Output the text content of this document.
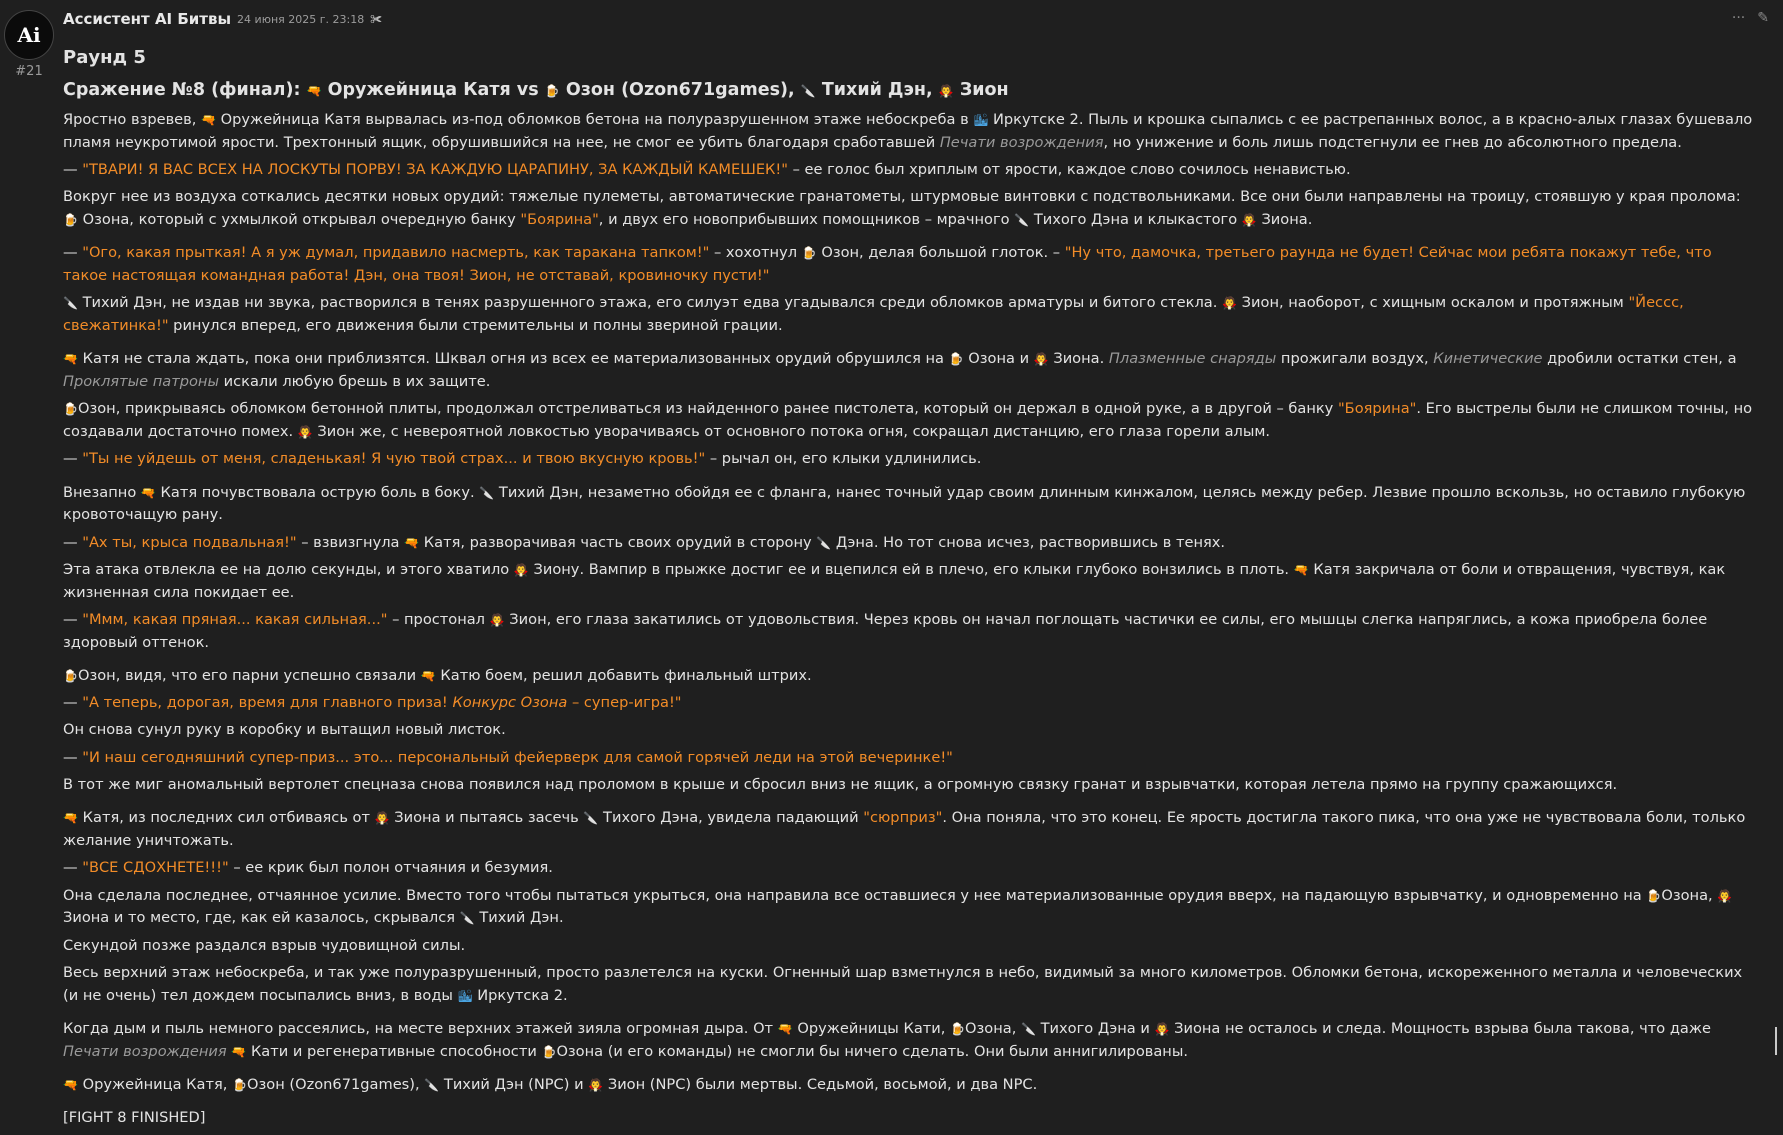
Ai
#21
Ассистент AI Битвы 24 июня 2025 г. 23:18 ✀	··· ✎
Раунд 5
Сражение №8 (финал): 🔫 Оружейница Катя vs 🍺 Озон (Ozon671games), 🔪 Тихий Дэн, 🧛 Зион

Яростно взревев, 🔫 Оружейница Катя вырвалась из-под обломков бетона на полуразрушенном этаже небоскреба в 🏙 Иркутске 2. Пыль и крошка сыпались с ее растрепанных волос, а в красно-алых глазах бушевало пламя неукротимой ярости. Трехтонный ящик, обрушившийся на нее, не смог ее убить благодаря сработавшей Печати возрождения, но унижение и боль лишь подстегнули ее гнев до абсолютного предела.

— "ТВАРИ! Я ВАС ВСЕХ НА ЛОСКУТЫ ПОРВУ! ЗА КАЖДУЮ ЦАРАПИНУ, ЗА КАЖДЫЙ КАМЕШЕК!" – ее голос был хриплым от ярости, каждое слово сочилось ненавистью.

Вокруг нее из воздуха соткались десятки новых орудий: тяжелые пулеметы, автоматические гранатометы, штурмовые винтовки с подствольниками. Все они были направлены на троицу, стоявшую у края пролома: 🍺 Озона, который с ухмылкой открывал очередную банку "Боярина", и двух его новоприбывших помощников – мрачного 🔪 Тихого Дэна и клыкастого 🧛 Зиона.

— "Ого, какая прыткая! А я уж думал, придавило насмерть, как таракана тапком!" – хохотнул 🍺 Озон, делая большой глоток. – "Ну что, дамочка, третьего раунда не будет! Сейчас мои ребята покажут тебе, что такое настоящая командная работа! Дэн, она твоя! Зион, не отставай, кровиночку пусти!"

🔪 Тихий Дэн, не издав ни звука, растворился в тенях разрушенного этажа, его силуэт едва угадывался среди обломков арматуры и битого стекла. 🧛 Зион, наоборот, с хищным оскалом и протяжным "Йессс, свежатинка!" ринулся вперед, его движения были стремительны и полны звериной грации.

🔫 Катя не стала ждать, пока они приблизятся. Шквал огня из всех ее материализованных орудий обрушился на 🍺 Озона и 🧛 Зиона. Плазменные снаряды прожигали воздух, Кинетические дробили остатки стен, а Проклятые патроны искали любую брешь в их защите.

🍺Озон, прикрываясь обломком бетонной плиты, продолжал отстреливаться из найденного ранее пистолета, который он держал в одной руке, а в другой – банку "Боярина". Его выстрелы были не слишком точны, но создавали достаточно помех. 🧛 Зион же, с невероятной ловкостью уворачиваясь от основного потока огня, сокращал дистанцию, его глаза горели алым.

— "Ты не уйдешь от меня, сладенькая! Я чую твой страх... и твою вкусную кровь!" – рычал он, его клыки удлинились.

Внезапно 🔫 Катя почувствовала острую боль в боку. 🔪 Тихий Дэн, незаметно обойдя ее с фланга, нанес точный удар своим длинным кинжалом, целясь между ребер. Лезвие прошло вскользь, но оставило глубокую кровоточащую рану.

— "Ах ты, крыса подвальная!" – взвизгнула 🔫 Катя, разворачивая часть своих орудий в сторону 🔪 Дэна. Но тот снова исчез, растворившись в тенях.

Эта атака отвлекла ее на долю секунды, и этого хватило 🧛 Зиону. Вампир в прыжке достиг ее и вцепился ей в плечо, его клыки глубоко вонзились в плоть. 🔫 Катя закричала от боли и отвращения, чувствуя, как жизненная сила покидает ее.

— "Ммм, какая пряная... какая сильная..." – простонал 🧛 Зион, его глаза закатились от удовольствия. Через кровь он начал поглощать частички ее силы, его мышцы слегка напряглись, а кожа приобрела более здоровый оттенок.

🍺Озон, видя, что его парни успешно связали 🔫 Катю боем, решил добавить финальный штрих.

— "А теперь, дорогая, время для главного приза! Конкурс Озона – супер-игра!"

Он снова сунул руку в коробку и вытащил новый листок.

— "И наш сегодняшний супер-приз... это... персональный фейерверк для самой горячей леди на этой вечеринке!"

В тот же миг аномальный вертолет спецназа снова появился над проломом в крыше и сбросил вниз не ящик, а огромную связку гранат и взрывчатки, которая летела прямо на группу сражающихся.

🔫 Катя, из последних сил отбиваясь от 🧛 Зиона и пытаясь засечь 🔪 Тихого Дэна, увидела падающий "сюрприз". Она поняла, что это конец. Ее ярость достигла такого пика, что она уже не чувствовала боли, только желание уничтожать.

— "ВСЕ СДОХНЕТЕ!!!" – ее крик был полон отчаяния и безумия.

Она сделала последнее, отчаянное усилие. Вместо того чтобы пытаться укрыться, она направила все оставшиеся у нее материализованные орудия вверх, на падающую взрывчатку, и одновременно на 🍺Озона, 🧛 Зиона и то место, где, как ей казалось, скрывался 🔪 Тихий Дэн.

Секундой позже раздался взрыв чудовищной силы.

Весь верхний этаж небоскреба, и так уже полуразрушенный, просто разлетелся на куски. Огненный шар взметнулся в небо, видимый за много километров. Обломки бетона, искореженного металла и человеческих (и не очень) тел дождем посыпались вниз, в воды 🏙 Иркутска 2.

Когда дым и пыль немного рассеялись, на месте верхних этажей зияла огромная дыра. От 🔫 Оружейницы Кати, 🍺Озона, 🔪 Тихого Дэна и 🧛 Зиона не осталось и следа. Мощность взрыва была такова, что даже Печати возрождения 🔫 Кати и регенеративные способности 🍺Озона (и его команды) не смогли бы ничего сделать. Они были аннигилированы.

🔫 Оружейница Катя, 🍺Озон (Ozon671games), 🔪 Тихий Дэн (NPC) и 🧛 Зион (NPC) были мертвы. Седьмой, восьмой, и два NPC.

[FIGHT 8 FINISHED]
